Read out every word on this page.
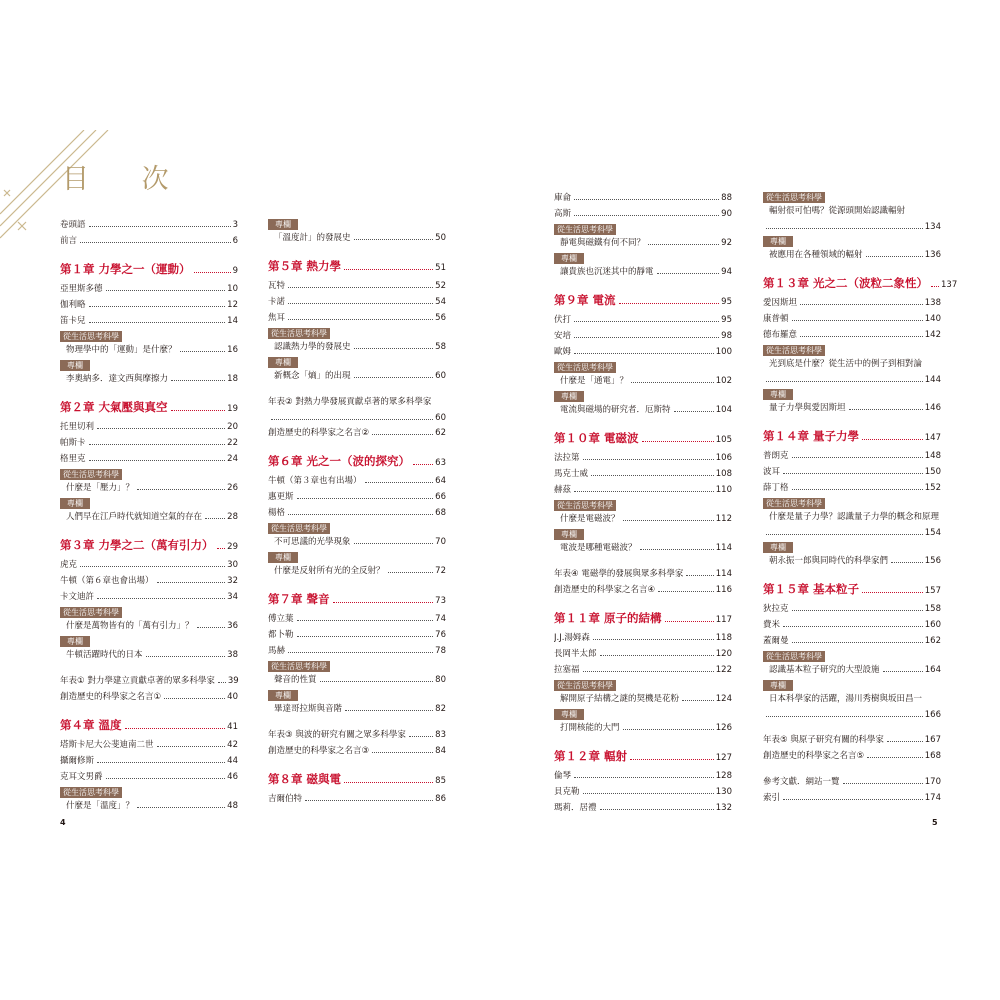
目 次
卷頭語	3
前言	6
第１章 力學之一（運動）	9
亞里斯多德	10
伽利略	12
笛卡兒	14
從生活思考科學
物理學中的「運動」是什麼？	16
專欄
李奧納多．達文西與摩擦力	18
第２章 大氣壓與真空	19
托里切利	20
帕斯卡	22
格里克	24
從生活思考科學
什麼是「壓力」？	26
專欄
人們早在江戶時代就知道空氣的存在	28
第３章 力學之二（萬有引力） 29
虎克	30
牛頓（第６章也會出場）	32
卡文迪許	34
從生活思考科學
什麼是萬物皆有的「萬有引力」？	36
專欄
牛頓活躍時代的日本	38
年表① 對力學建立貢獻卓著的眾多科學家 39
創造歷史的科學家之名言①	40
第４章 溫度	41
塔斯卡尼大公斐迪南二世	42
攝爾修斯	44
克耳文男爵	46
從生活思考科學
什麼是「溫度」？	48
專欄
「溫度計」的發展史	50
第５章 熱力學	51
瓦特	52
卡諾	54
焦耳	56
從生活思考科學
認識熱力學的發展史	58
專欄
新概念「熵」的出現	60
年表② 對熱力學發展貢獻卓著的眾多科學家
60
創造歷史的科學家之名言②	62
第６章 光之一（波的探究）	63
牛頓（第３章也有出場）	64
惠更斯	66
楊格	68
從生活思考科學
不可思議的光學現象	70
專欄
什麼是反射所有光的全反射？	72
第７章 聲音	73
傅立葉	74
都卜勒	76
馬赫	78
從生活思考科學
聲音的性質	80
專欄
畢達哥拉斯與音階	82
年表③ 與波的研究有關之眾多科學家	83
創造歷史的科學家之名言③	84
第８章 磁與電	85
吉爾伯特	86
庫侖	88
高斯	90
從生活思考科學
靜電與磁鐵有何不同？	92
專欄
讓貴族也沉迷其中的靜電	94
第９章 電流	95
伏打	95
安培	98
歐姆	100
從生活思考科學
什麼是「通電」？	102
專欄
電流與磁場的研究者．厄斯特	104
第１０章 電磁波	105
法拉第	106
馬克士威	108
赫茲	110
從生活思考科學
什麼是電磁波？	112
專欄
電波是哪種電磁波？	114
年表④ 電磁學的發展與眾多科學家	114
創造歷史的科學家之名言④	116
第１１章 原子的結構	117
J.J.湯姆森	118
長岡半太郎	120
拉塞福	122
從生活思考科學
解開原子結構之謎的契機是花粉	124
專欄
打開核能的大門	126
第１２章 輻射	127
倫琴	128
貝克勒	130
瑪莉．居禮	132
從生活思考科學
輻射很可怕嗎？從源頭開始認識輻射
134
專欄
被應用在各種領域的輻射	136
第１３章 光之二（波粒二象性） 137
愛因斯坦	138
康普頓	140
德布羅意	142
從生活思考科學
光到底是什麼？從生活中的例子到相對論
144
專欄
量子力學與愛因斯坦	146
第１４章 量子力學	147
普朗克	148
波耳	150
薛丁格	152
從生活思考科學
什麼是量子力學？認識量子力學的概念和原理
154
專欄
朝永振一郎與同時代的科學家們	156
第１５章 基本粒子	157
狄拉克	158
費米	160
蓋爾曼	162
從生活思考科學
認識基本粒子研究的大型設施	164
專欄
日本科學家的活躍，湯川秀樹與坂田昌一
166
年表⑤ 與原子研究有關的科學家	167
創造歷史的科學家之名言⑤	168
參考文獻．網站一覽	170
索引	174
4	5
